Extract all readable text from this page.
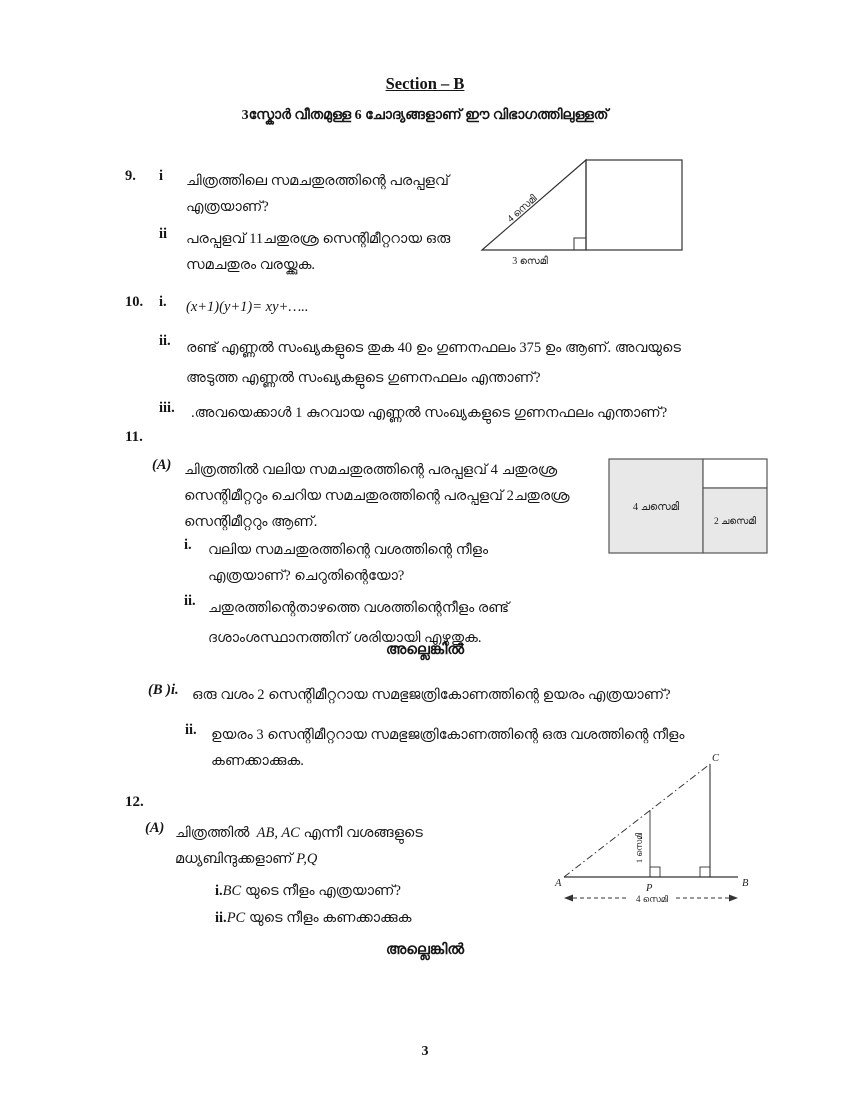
Section – B
3സ്കോർ വീതമുള്ള 6 ചോദ്യങ്ങളാണ് ഈ വിഭാഗത്തിലുള്ളത്
9.	i	ചിത്രത്തിലെ സമചതുരത്തിന്റെ പരപ്പളവ് എത്രയാണ്?
ii	പരപ്പളവ് 11ചതുരശ്ര സെന്റിമീറ്ററായ ഒരു സമചതുരം വരയ്ക്കുക.
4 സെമി
3 സെമി
10.	i.	(x+1)(y+1)= xy+…..
ii.	രണ്ട് എണ്ണൽ സംഖ്യകളുടെ തുക 40 ഉം ഗുണനഫലം 375 ഉം ആണ്. അവയുടെ അടുത്ത എണ്ണൽ സംഖ്യകളുടെ ഗുണനഫലം എന്താണ്?
iii.	.അവയെക്കാൾ 1 കുറവായ എണ്ണൽ സംഖ്യകളുടെ ഗുണനഫലം എന്താണ്?
11.
(A) ചിത്രത്തിൽ വലിയ സമചതുരത്തിന്റെ പരപ്പളവ് 4 ചതുരശ്ര സെന്റിമീറ്ററും ചെറിയ സമചതുരത്തിന്റെ പരപ്പളവ് 2ചതുരശ്ര സെന്റിമീറ്ററും ആണ്.
i.	വലിയ സമചതുരത്തിന്റെ വശത്തിന്റെ നീളം എത്രയാണ്? ചെറുതിന്റെയോ?
ii. ചതുരത്തിന്റെതാഴത്തെ വശത്തിന്റെനീളം രണ്ട് ദശാംശസ്ഥാനത്തിന് ശരിയായി എഴുതുക.
4 ചസെമി
2 ചസെമി
അല്ലെങ്കിൽ
(B )i. ഒരു വശം 2 സെന്റിമീറ്ററായ സമഭുജത്രികോണത്തിന്റെ ഉയരം എത്രയാണ്?
ii. ഉയരം 3 സെന്റിമീറ്ററായ സമഭുജത്രികോണത്തിന്റെ ഒരു വശത്തിന്റെ നീളം കണക്കാക്കുക.
12.
(A) ചിത്രത്തിൽ AB, AC എന്നീ വശങ്ങളുടെ
മധ്യബിന്ദുക്കളാണ് P,Q
i.BC യുടെ നീളം എത്രയാണ്?
ii.PC യുടെ നീളം കണക്കാക്കുക
A	B
C
P
1 സെമി
4 സെമി
അല്ലെങ്കിൽ
3
